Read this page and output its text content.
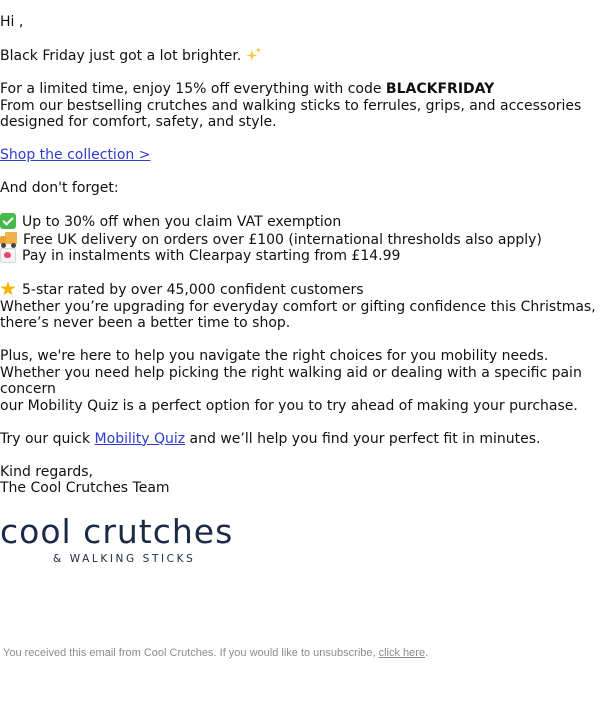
Hi ,

Black Friday just got a lot brighter.

For a limited time, enjoy 15% off everything with code BLACKFRIDAY
From our bestselling crutches and walking sticks to ferrules, grips, and accessories
designed for comfort, safety, and style.

Shop the collection >

And don't forget:

Up to 30% off when you claim VAT exemption
Free UK delivery on orders over £100 (international thresholds also apply)
Pay in instalments with Clearpay starting from £14.99

5-star rated by over 45,000 confident customers
Whether you’re upgrading for everyday comfort or gifting confidence this Christmas,
there’s never been a better time to shop.

Plus, we're here to help you navigate the right choices for you mobility needs.
Whether you need help picking the right walking aid or dealing with a specific pain
concern
our Mobility Quiz is a perfect option for you to try ahead of making your purchase.

Try our quick Mobility Quiz and we’ll help you find your perfect fit in minutes.

Kind regards,
The Cool Crutches Team

cool crutches
& WALKING STICKS
You received this email from Cool Crutches. If you would like to unsubscribe, click here.
